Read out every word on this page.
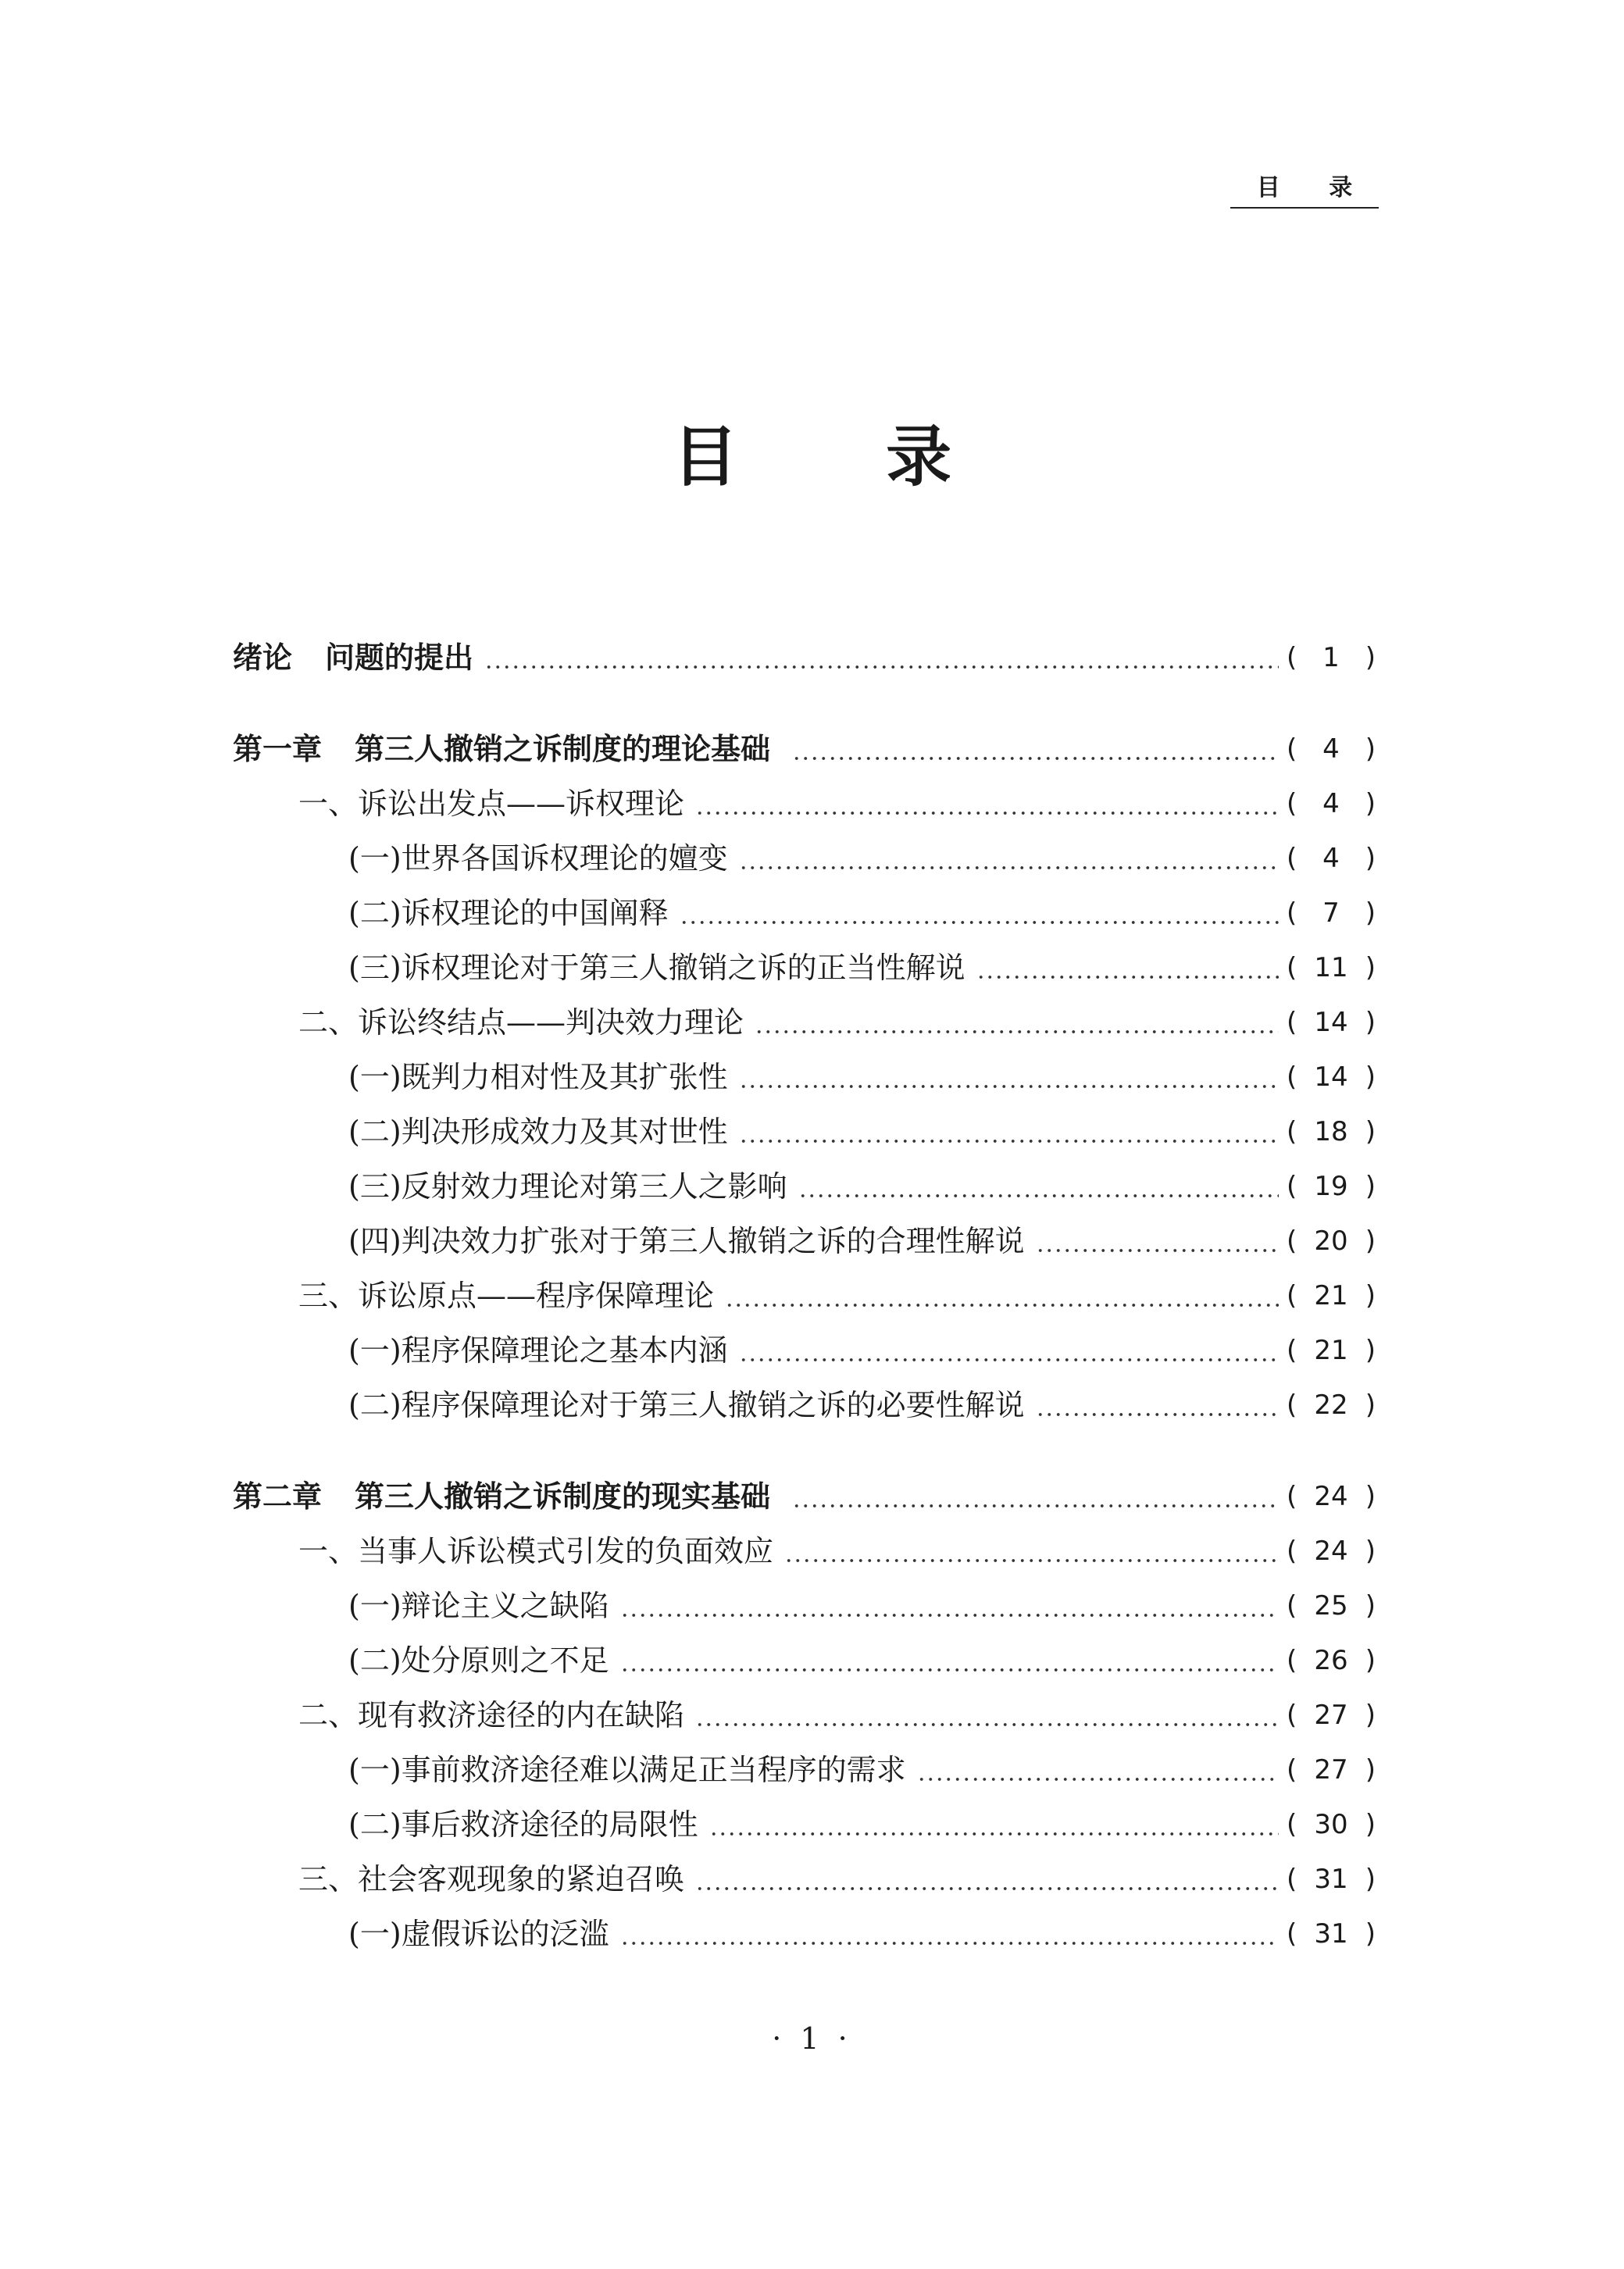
目 录
目 录
绪论 问题的提出	( 1 )
第一章 第三人撤销之诉制度的理论基础	( 4 )
一、诉讼出发点——诉权理论	( 4 )
(一)世界各国诉权理论的嬗变	( 4 )
(二)诉权理论的中国阐释	( 7 )
(三)诉权理论对于第三人撤销之诉的正当性解说	( 11 )
二、诉讼终结点——判决效力理论	( 14 )
(一)既判力相对性及其扩张性	( 14 )
(二)判决形成效力及其对世性	( 18 )
(三)反射效力理论对第三人之影响	( 19 )
(四)判决效力扩张对于第三人撤销之诉的合理性解说	( 20 )
三、诉讼原点——程序保障理论	( 21 )
(一)程序保障理论之基本内涵	( 21 )
(二)程序保障理论对于第三人撤销之诉的必要性解说	( 22 )
第二章 第三人撤销之诉制度的现实基础	( 24 )
一、当事人诉讼模式引发的负面效应	( 24 )
(一)辩论主义之缺陷	( 25 )
(二)处分原则之不足	( 26 )
二、现有救济途径的内在缺陷	( 27 )
(一)事前救济途径难以满足正当程序的需求	( 27 )
(二)事后救济途径的局限性	( 30 )
三、社会客观现象的紧迫召唤	( 31 )
(一)虚假诉讼的泛滥	( 31 )
· 1 ·
